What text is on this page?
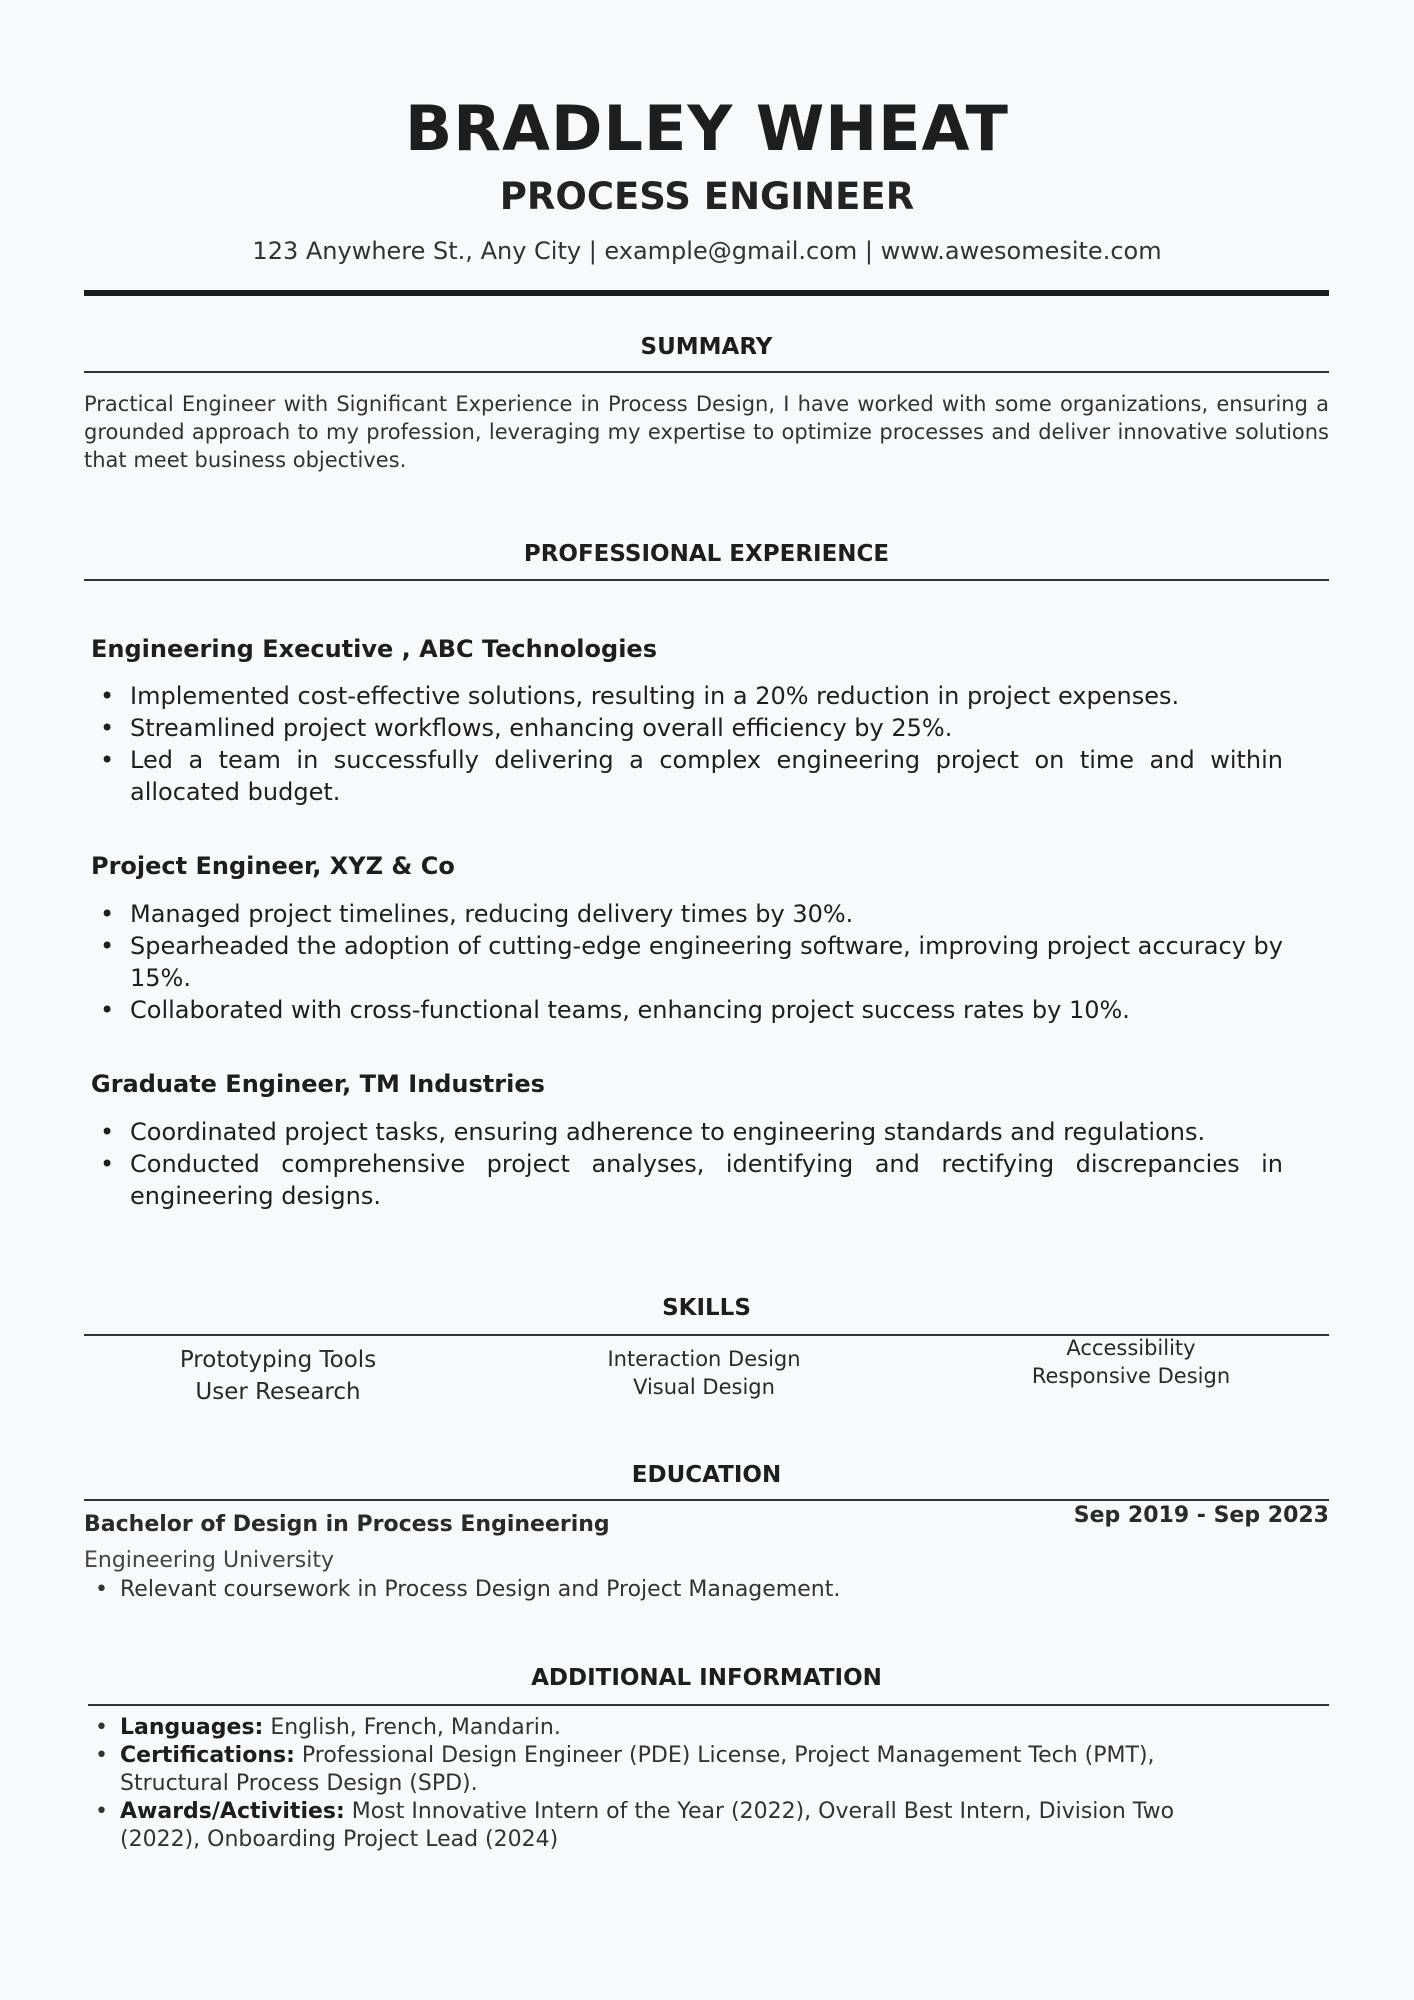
BRADLEY WHEAT
PROCESS ENGINEER
123 Anywhere St., Any City | example@gmail.com | www.awesomesite.com
SUMMARY
Practical Engineer with Significant Experience in Process Design, I have worked with some organizations, ensuring a grounded approach to my profession, leveraging my expertise to optimize processes and deliver innovative solutions that meet business objectives.
PROFESSIONAL EXPERIENCE
Engineering Executive , ABC Technologies
• Implemented cost-effective solutions, resulting in a 20% reduction in project expenses.
• Streamlined project workflows, enhancing overall efficiency by 25%.
• Led a team in successfully delivering a complex engineering project on time and within allocated budget.
Project Engineer, XYZ & Co
• Managed project timelines, reducing delivery times by 30%.
• Spearheaded the adoption of cutting-edge engineering software, improving project accuracy by 15%.
• Collaborated with cross-functional teams, enhancing project success rates by 10%.
Graduate Engineer, TM Industries
• Coordinated project tasks, ensuring adherence to engineering standards and regulations.
• Conducted comprehensive project analyses, identifying and rectifying discrepancies in engineering designs.
SKILLS
Prototyping Tools
User Research
Interaction Design
Visual Design
Accessibility
Responsive Design
EDUCATION
Bachelor of Design in Process Engineering	Sep 2019 - Sep 2023
Engineering University
• Relevant coursework in Process Design and Project Management.
ADDITIONAL INFORMATION
• Languages: English, French, Mandarin.
• Certifications: Professional Design Engineer (PDE) License, Project Management Tech (PMT), Structural Process Design (SPD).
• Awards/Activities: Most Innovative Intern of the Year (2022), Overall Best Intern, Division Two (2022), Onboarding Project Lead (2024)
